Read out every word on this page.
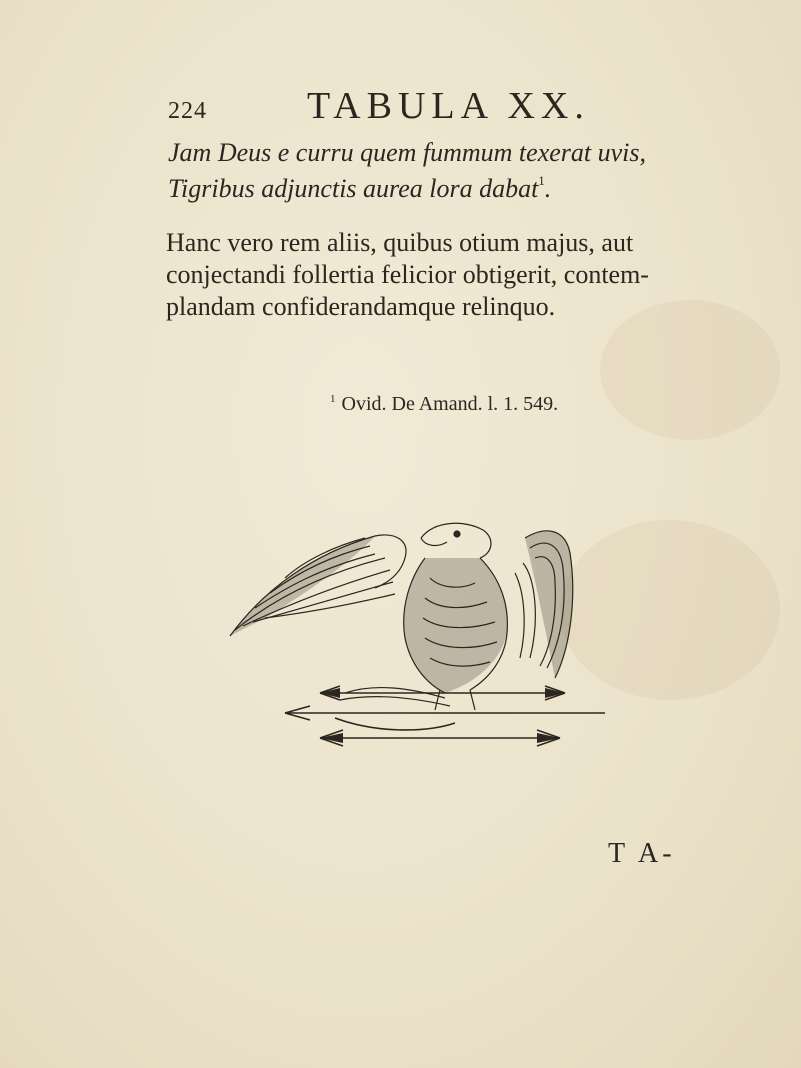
224	TABULA XX.
Jam Deus e curru quem fummum texerat uvis,
Tigribus adjunctis aurea lora dabat$^1$.
Hanc vero rem aliis, quibus otium majus, aut
conjectandi follertia felicior obtigerit, contem-
plandam confiderandamque relinquo.
$^1$ Ovid. De Amand. l. 1. 549.
T A-
